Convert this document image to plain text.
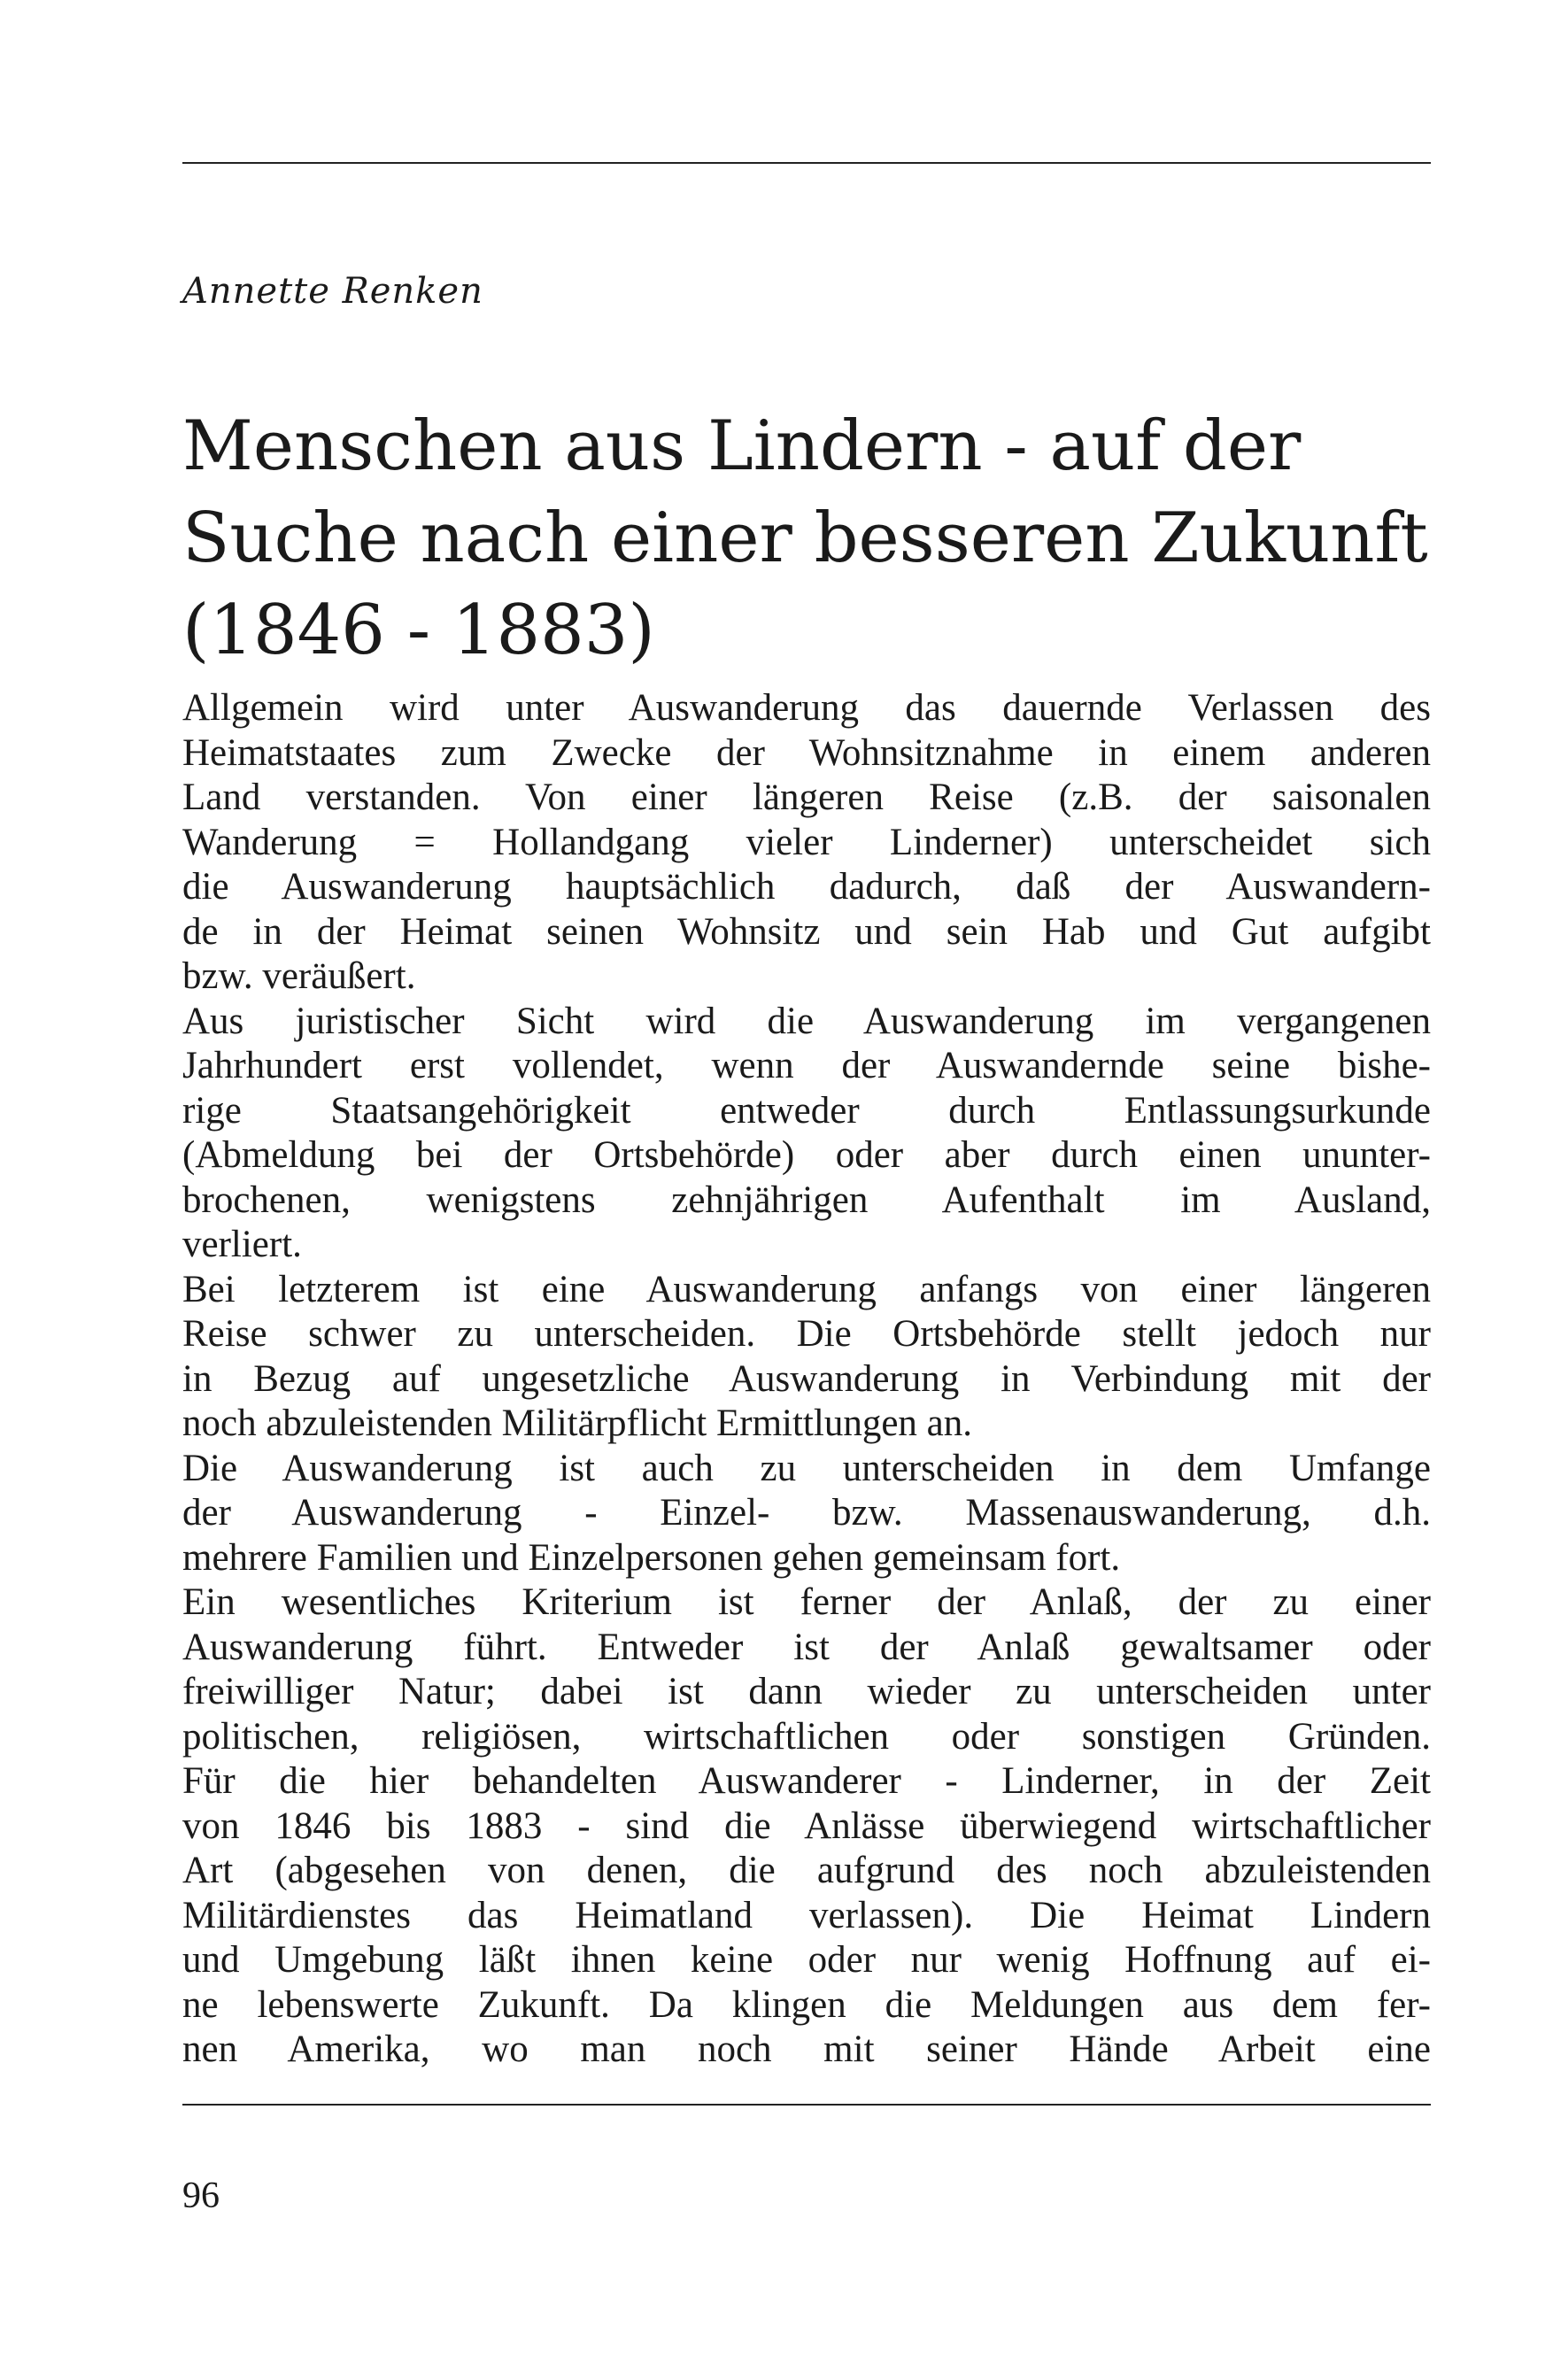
Annette Renken
Menschen aus Lindern - auf der
Suche nach einer besseren Zukunft
(1846 - 1883)
Allgemein wird unter Auswanderung das dauernde Verlassen des
Heimatstaates zum Zwecke der Wohnsitznahme in einem anderen
Land verstanden. Von einer längeren Reise (z.B. der saisonalen
Wanderung = Hollandgang vieler Linderner) unterscheidet sich
die Auswanderung hauptsächlich dadurch, daß der Auswandern-
de in der Heimat seinen Wohnsitz und sein Hab und Gut aufgibt
bzw. veräußert.
Aus juristischer Sicht wird die Auswanderung im vergangenen
Jahrhundert erst vollendet, wenn der Auswandernde seine bishe-
rige Staatsangehörigkeit entweder durch Entlassungsurkunde
(Abmeldung bei der Ortsbehörde) oder aber durch einen ununter-
brochenen, wenigstens zehnjährigen Aufenthalt im Ausland,
verliert.
Bei letzterem ist eine Auswanderung anfangs von einer längeren
Reise schwer zu unterscheiden. Die Ortsbehörde stellt jedoch nur
in Bezug auf ungesetzliche Auswanderung in Verbindung mit der
noch abzuleistenden Militärpflicht Ermittlungen an.
Die Auswanderung ist auch zu unterscheiden in dem Umfange
der Auswanderung - Einzel- bzw. Massenauswanderung, d.h.
mehrere Familien und Einzelpersonen gehen gemeinsam fort.
Ein wesentliches Kriterium ist ferner der Anlaß, der zu einer
Auswanderung führt. Entweder ist der Anlaß gewaltsamer oder
freiwilliger Natur; dabei ist dann wieder zu unterscheiden unter
politischen, religiösen, wirtschaftlichen oder sonstigen Gründen.
Für die hier behandelten Auswanderer - Linderner, in der Zeit
von 1846 bis 1883 - sind die Anlässe überwiegend wirtschaftlicher
Art (abgesehen von denen, die aufgrund des noch abzuleistenden
Militärdienstes das Heimatland verlassen). Die Heimat Lindern
und Umgebung läßt ihnen keine oder nur wenig Hoffnung auf ei-
ne lebenswerte Zukunft. Da klingen die Meldungen aus dem fer-
nen Amerika, wo man noch mit seiner Hände Arbeit eine
96
